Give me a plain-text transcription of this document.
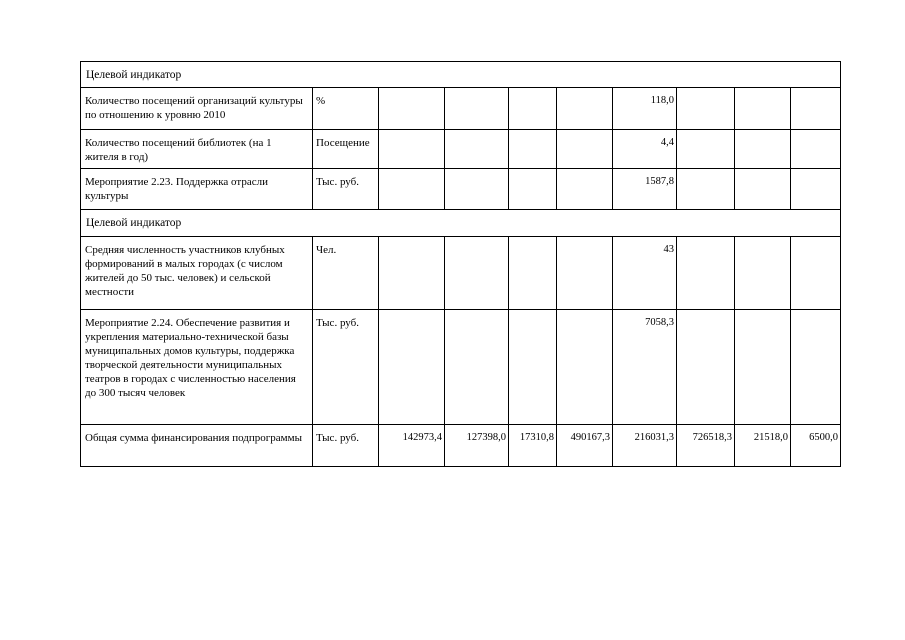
Целевой индикатор									
Количество посещений организаций культуры по отношению к уровню 2010	%					118,0			
Количество посещений библиотек (на 1 жителя в год)	Посещение					4,4			
Мероприятие 2.23. Поддержка отрасли культуры	Тыс. руб.					1587,8			
Целевой индикатор									
Средняя численность участников клубных формирований в малых городах (с числом жителей до 50 тыс. человек) и сельской местности	Чел.					43			
Мероприятие 2.24. Обеспечение развития и укрепления материально-технической базы муниципальных домов культуры, поддержка творческой деятельности муниципальных театров в городах с численностью населения до 300 тысяч человек	Тыс. руб.					7058,3			
Общая сумма финансирования подпрограммы	Тыс. руб.	142973,4	127398,0	17310,8	490167,3	216031,3	726518,3	21518,0	6500,0
